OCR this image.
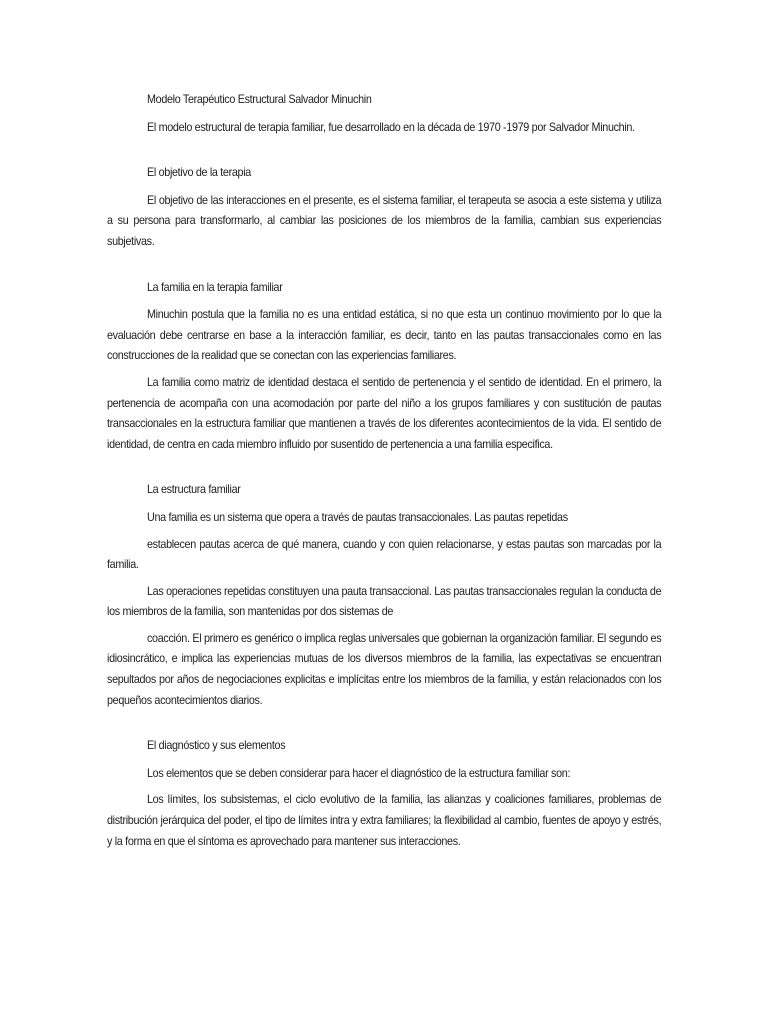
Modelo Terapéutico Estructural Salvador Minuchin

El modelo estructural de terapia familiar, fue desarrollado en la década de 1970 -1979 por Salvador Minuchin.

El objetivo de la terapia

El objetivo de las interacciones en el presente, es el sistema familiar, el terapeuta se asocia a este sistema y utiliza a su persona para transformarlo, al cambiar las posiciones de los miembros de la familia, cambian sus experiencias subjetivas.

La familia en la terapia familiar

Minuchin postula que la familia no es una entidad estática, si no que esta un continuo movimiento por lo que la evaluación debe centrarse en base a la interacción familiar, es decir, tanto en las pautas transaccionales como en las construcciones de la realidad que se conectan con las experiencias familiares.

La familia como matriz de identidad destaca el sentido de pertenencia y el sentido de identidad. En el primero, la pertenencia de acompaña con una acomodación por parte del niño a los grupos familiares y con sustitución de pautas transaccionales en la estructura familiar que mantienen a través de los diferentes acontecimientos de la vida. El sentido de identidad, de centra en cada miembro influido por susentido de pertenencia a una familia especifica.

La estructura familiar

Una familia es un sistema que opera a través de pautas transaccionales. Las pautas repetidas

establecen pautas acerca de qué manera, cuando y con quien relacionarse, y estas pautas son marcadas por la familia.

Las operaciones repetidas constituyen una pauta transaccional. Las pautas transaccionales regulan la conducta de los miembros de la familia, son mantenidas por dos sistemas de

coacción. El primero es genérico o implica reglas universales que gobiernan la organización familiar. El segundo es idiosincrático, e implica las experiencias mutuas de los diversos miembros de la familia, las expectativas se encuentran sepultados por años de negociaciones explicitas e implícitas entre los miembros de la familia, y están relacionados con los pequeños acontecimientos diarios.

El diagnóstico y sus elementos

Los elementos que se deben considerar para hacer el diagnóstico de la estructura familiar son:

Los límites, los subsistemas, el ciclo evolutivo de la familia, las alianzas y coaliciones familiares, problemas de distribución jerárquica del poder, el tipo de límites intra y extra familiares; la flexibilidad al cambio, fuentes de apoyo y estrés, y la forma en que el síntoma es aprovechado para mantener sus interacciones.
